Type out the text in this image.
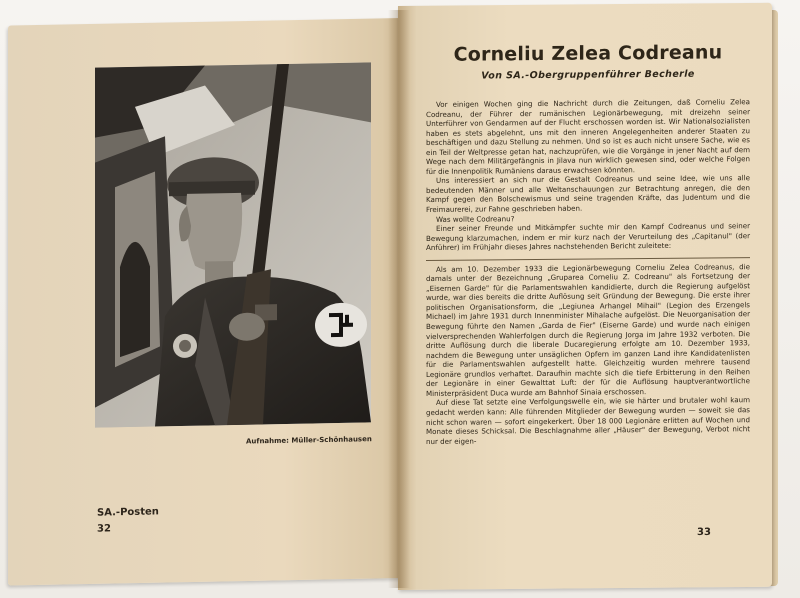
Aufnahme: Müller-Schönhausen
SA.-Posten
32
Corneliu Zelea Codreanu
Von SA.-Obergruppenführer Becherle

Vor einigen Wochen ging die Nachricht durch die Zeitungen, daß Corneliu Zelea Codreanu, der Führer der rumänischen Legionärbewegung, mit dreizehn seiner Unterführer von Gendarmen auf der Flucht erschossen worden ist. Wir Nationalsozialisten haben es stets abgelehnt, uns mit den inneren Angelegenheiten anderer Staaten zu beschäftigen und dazu Stellung zu nehmen. Und so ist es auch nicht unsere Sache, wie es ein Teil der Weltpresse getan hat, nachzuprüfen, wie die Vorgänge in jener Nacht auf dem Wege nach dem Militärgefängnis in Jilava nun wirklich gewesen sind, oder welche Folgen für die Innenpolitik Rumäniens daraus erwachsen könnten.

Uns interessiert an sich nur die Gestalt Codreanus und seine Idee, wie uns alle bedeutenden Männer und alle Weltanschauungen zur Betrachtung anregen, die den Kampf gegen den Bolschewismus und seine tragenden Kräfte, das Judentum und die Freimaurerei, zur Fahne geschrieben haben.

Was wollte Codreanu?

Einer seiner Freunde und Mitkämpfer suchte mir den Kampf Codreanus und seiner Bewegung klarzumachen, indem er mir kurz nach der Verurteilung des „Capitanul" (der Anführer) im Frühjahr dieses Jahres nachstehenden Bericht zuleitete:

Als am 10. Dezember 1933 die Legionärbewegung Corneliu Zelea Codreanus, die damals unter der Bezeichnung „Gruparea Corneliu Z. Codreanu" als Fortsetzung der „Eisernen Garde" für die Parlamentswahlen kandidierte, durch die Regierung aufgelöst wurde, war dies bereits die dritte Auflösung seit Gründung der Bewegung. Die erste ihrer politischen Organisationsform, die „Legiunea Arhangel Mihail" (Legion des Erzengels Michael) im Jahre 1931 durch Innenminister Mihalache aufgelöst. Die Neuorganisation der Bewegung führte den Namen „Garda de Fier" (Eiserne Garde) und wurde nach einigen vielversprechenden Wahlerfolgen durch die Regierung Jorga im Jahre 1932 verboten. Die dritte Auflösung durch die liberale Ducaregierung erfolgte am 10. Dezember 1933, nachdem die Bewegung unter unsäglichen Opfern im ganzen Land ihre Kandidatenlisten für die Parlamentswahlen aufgestellt hatte. Gleichzeitig wurden mehrere tausend Legionäre grundlos verhaftet. Daraufhin machte sich die tiefe Erbitterung in den Reihen der Legionäre in einer Gewalttat Luft: der für die Auflösung hauptverantwortliche Ministerpräsident Duca wurde am Bahnhof Sinaia erschossen.

Auf diese Tat setzte eine Verfolgungswelle ein, wie sie härter und brutaler wohl kaum gedacht werden kann: Alle führenden Mitglieder der Bewegung wurden — soweit sie das nicht schon waren — sofort eingekerkert. Über 18 000 Legionäre erlitten auf Wochen und Monate dieses Schicksal. Die Beschlagnahme aller „Häuser" der Bewegung, Verbot nicht nur der eigen-

33
